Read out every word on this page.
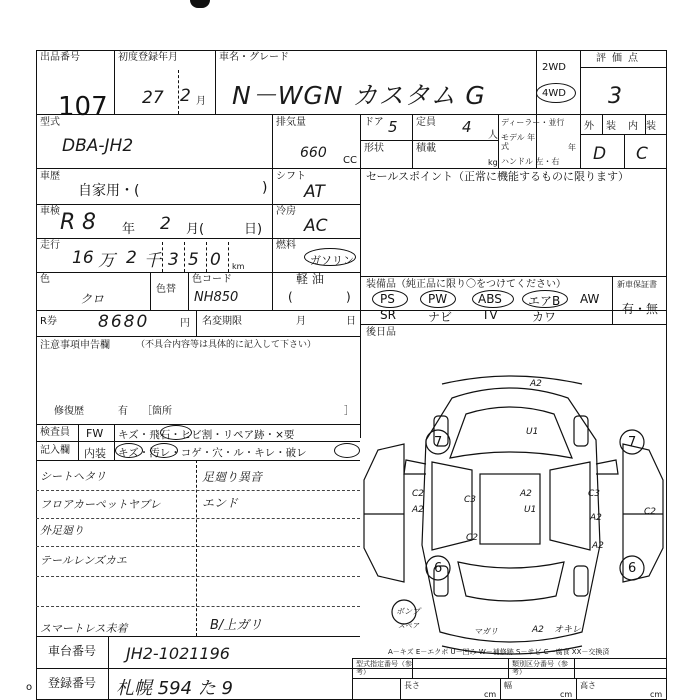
出品番号
107
初度登録年月
27 2 月
車名・グレード
N－WGN カスタム G
2WD
4WD
評価点
3
型式
DBA-JH2
排気量
660 CC
ドア 5 定員 4 人
ディーラー・並行
形状	積載
kg
モデル 年式	年
ハンドル 左・右
外装 内装
D C
車歴
自家用・(	)
シフト
AT
セールスポイント（正常に機能するものに限ります）
車検 R 8 年 2 月(	日)
冷房
AC
走行
16 万 2 千 3 5 0 km
燃料
ガソリン
軽 油
(	)
色
クロ
色替
色コード
NH850
装備品（純正品に限り〇をつけてください）	新車保証書
有・無
PS	PW	ABS エアB AW
SR	ナビ TV	カワ
R券 8680	円 名変期限	月	日
後日品
注意事項申告欄	（不具合内容等は具体的に記入して下さい）
修復歴	有 ［箇所	］
検査員 FW キズ・飛石・ヒビ割・リペア跡・×要
記入欄 内装 キズ・汚レ・コゲ・穴・ル・キレ・破レ
シートヘタリ	足廻り異音
フロアカーペットヤブレ	エンド
外足廻り
テールレンズカエ
スマートレス未着	B/上ガリ
車台番号 JH2-1021196
登録番号 札幌 594 た 9
o
型式指定番号（参考）
類別区分番号（参考）
長さ
cm
幅
cm
高さ
cm
A2
U1
C2
C3
A2
U1
C3
A2	C2
A2
C2
A2
A2 オキレ
7	7
6	6
ボンプ
スペア
マガリ
A－キズ E－エクボ U－凹み W－補修跡 S－サビ C－腐食 XX－交換済
